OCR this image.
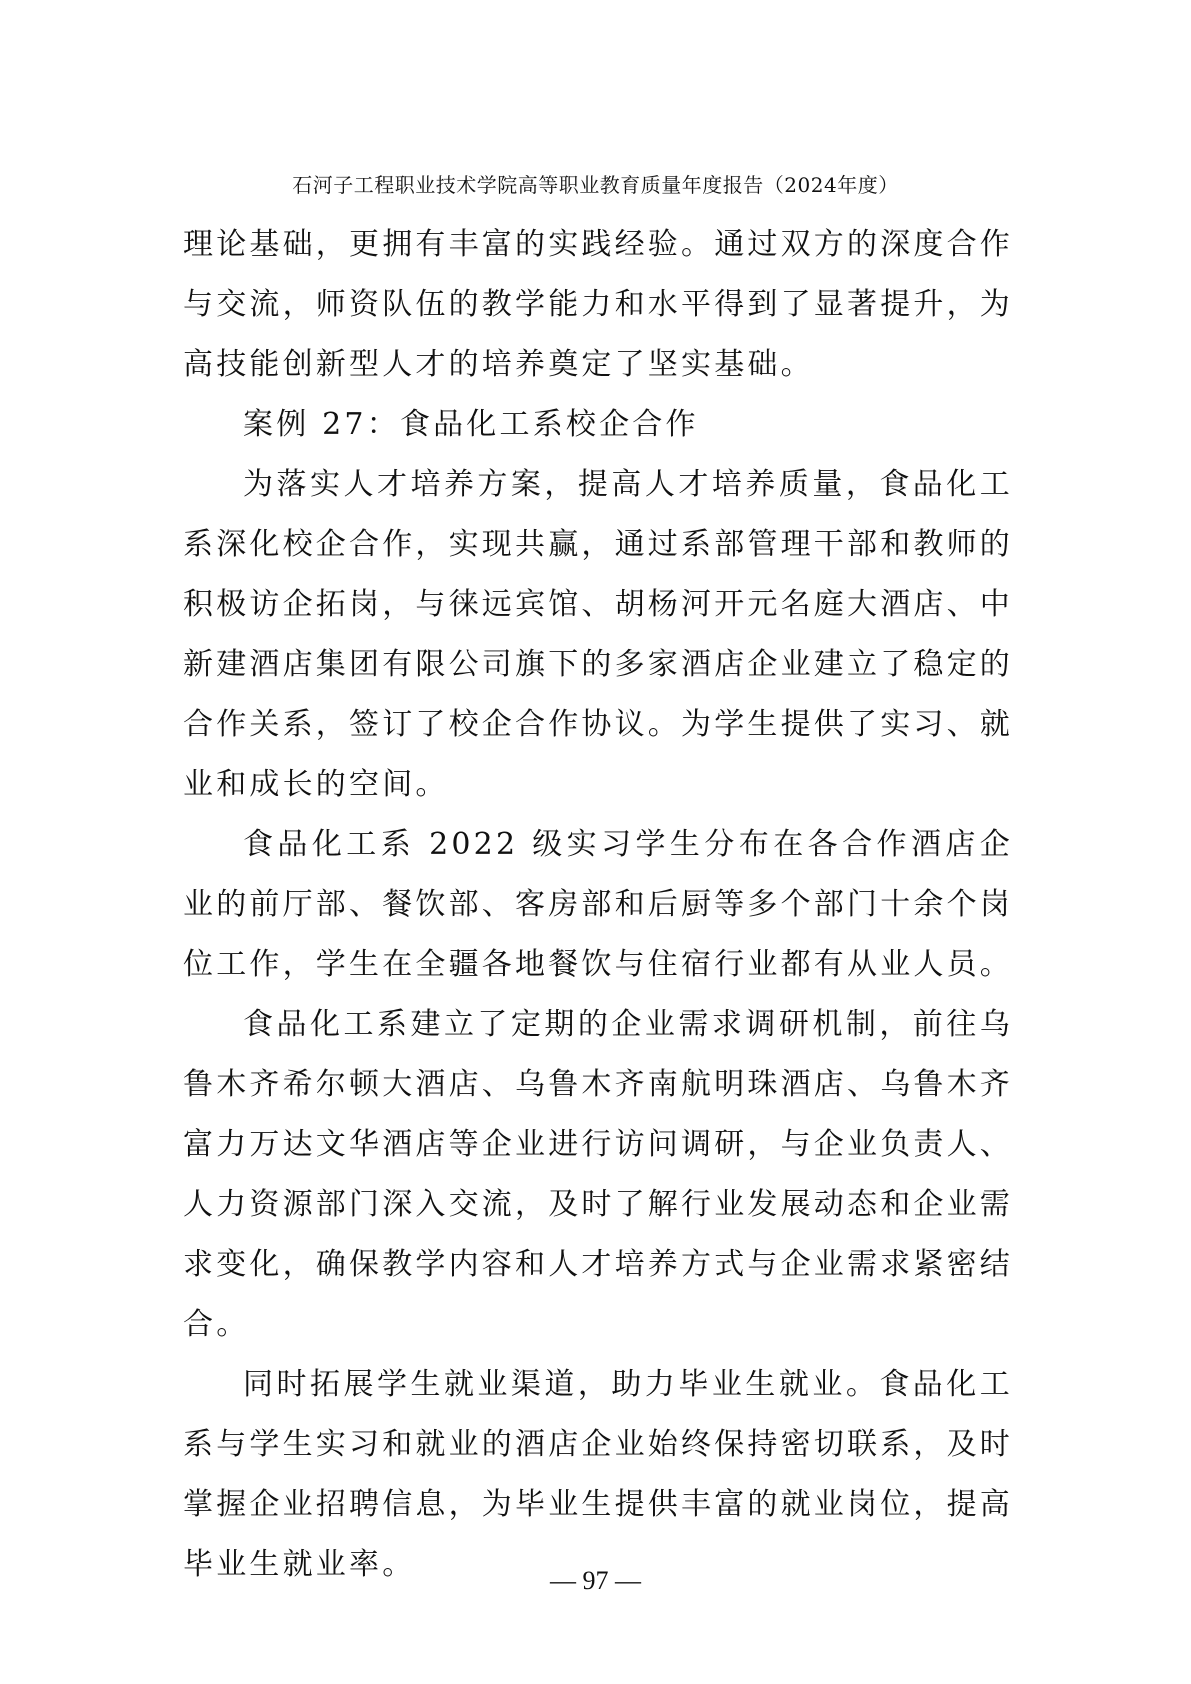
石河子工程职业技术学院高等职业教育质量年度报告（2024年度）

理论基础，更拥有丰富的实践经验。通过双方的深度合作与交流，师资队伍的教学能力和水平得到了显著提升，为高技能创新型人才的培养奠定了坚实基础。

案例 27：食品化工系校企合作

为落实人才培养方案，提高人才培养质量，食品化工系深化校企合作，实现共赢，通过系部管理干部和教师的积极访企拓岗，与徕远宾馆、胡杨河开元名庭大酒店、中新建酒店集团有限公司旗下的多家酒店企业建立了稳定的合作关系，签订了校企合作协议。为学生提供了实习、就业和成长的空间。

食品化工系 2022 级实习学生分布在各合作酒店企业的前厅部、餐饮部、客房部和后厨等多个部门十余个岗位工作，学生在全疆各地餐饮与住宿行业都有从业人员。

食品化工系建立了定期的企业需求调研机制，前往乌鲁木齐希尔顿大酒店、乌鲁木齐南航明珠酒店、乌鲁木齐富力万达文华酒店等企业进行访问调研，与企业负责人、人力资源部门深入交流，及时了解行业发展动态和企业需求变化，确保教学内容和人才培养方式与企业需求紧密结合。

同时拓展学生就业渠道，助力毕业生就业。食品化工系与学生实习和就业的酒店企业始终保持密切联系，及时掌握企业招聘信息，为毕业生提供丰富的就业岗位，提高毕业生就业率。	— 97 —
